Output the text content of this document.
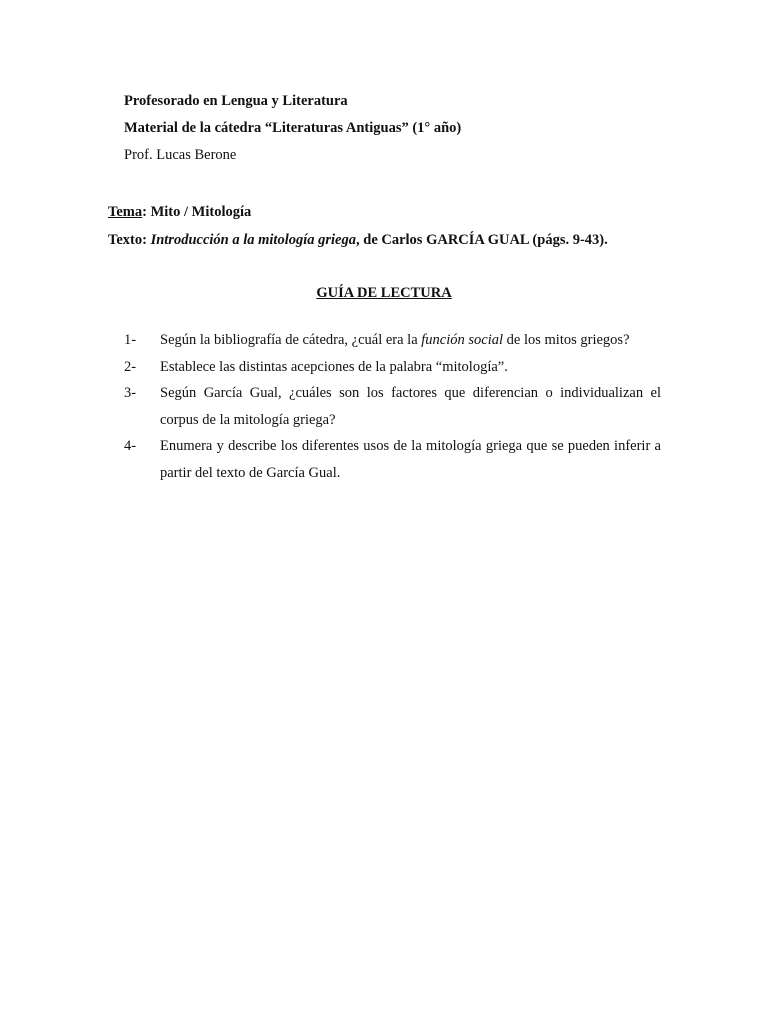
Profesorado en Lengua y Literatura
Material de la cátedra “Literaturas Antiguas” (1° año)
Prof. Lucas Berone
Tema: Mito / Mitología
Texto: Introducción a la mitología griega, de Carlos GARCÍA GUAL (págs. 9-43).
GUÍA DE LECTURA
1-	Según la bibliografía de cátedra, ¿cuál era la función social de los mitos griegos?
2-	Establece las distintas acepciones de la palabra “mitología”.
3-	Según García Gual, ¿cuáles son los factores que diferencian o individualizan el corpus de la mitología griega?
4-	Enumera y describe los diferentes usos de la mitología griega que se pueden inferir a partir del texto de García Gual.
